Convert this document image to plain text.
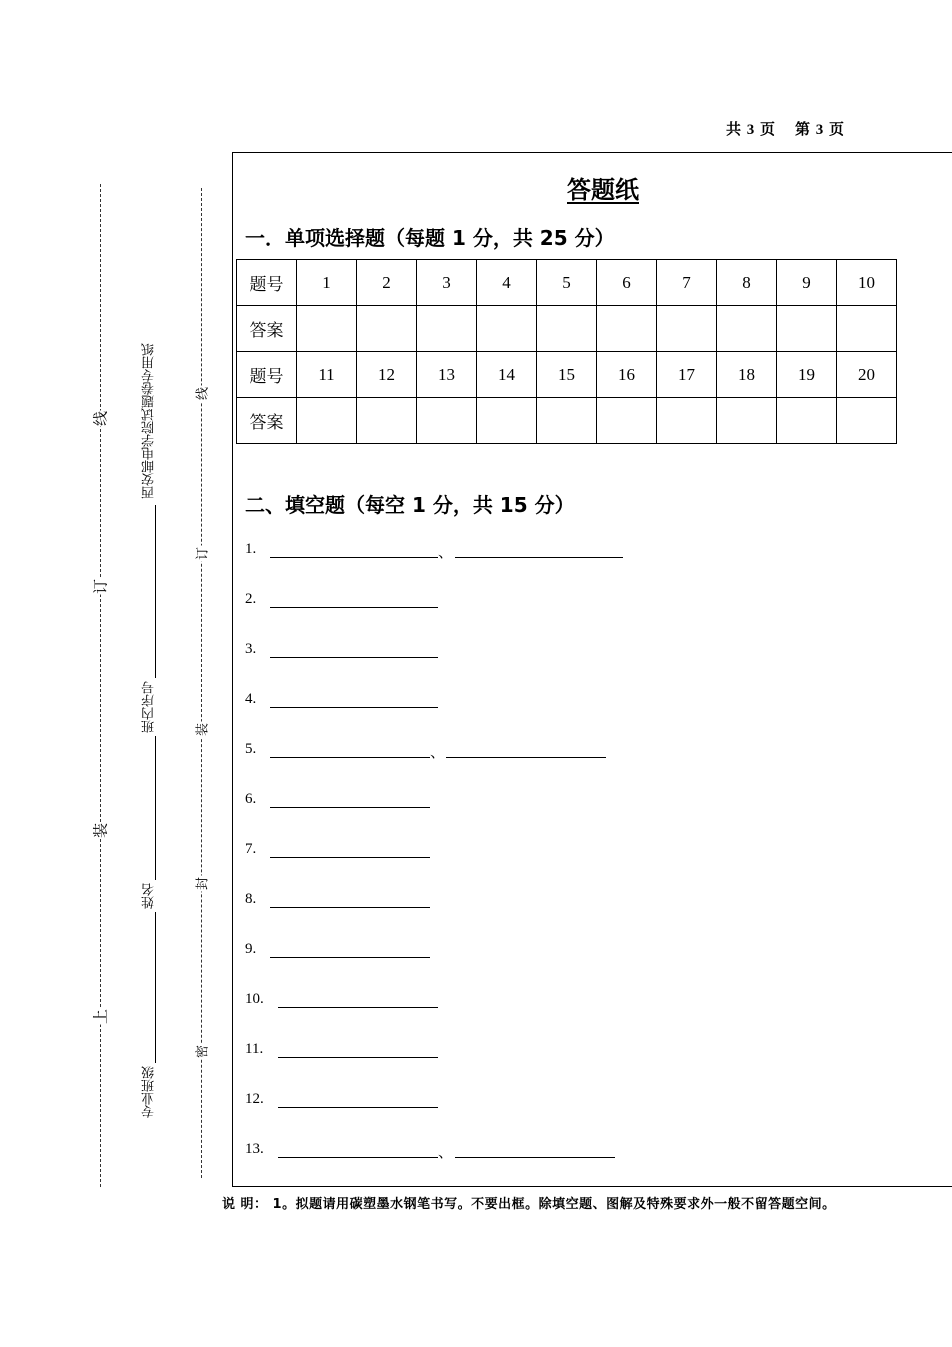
共 3 页    第 3 页
答题纸
一．单项选择题（每题 1 分，共 25 分）
题号	1	2	3	4	5	6	7	8	9	10
答案										
题号	11	12	13	14	15	16	17	18	19	20
答案										
二、填空题（每空 1 分，共 15 分）
1.	、
2.
3.
4.
5.	、
6.
7.
8.
9.
10.
11.
12.
13.	、
说 明： 1。拟题请用碳塑墨水钢笔书写。不要出框。除填空题、图解及特殊要求外一般不留答题空间。
上
装
订
线	西安邮电学院试题卷专用纸
班内序号
姓名
专业班级
密
封
装
订
线
